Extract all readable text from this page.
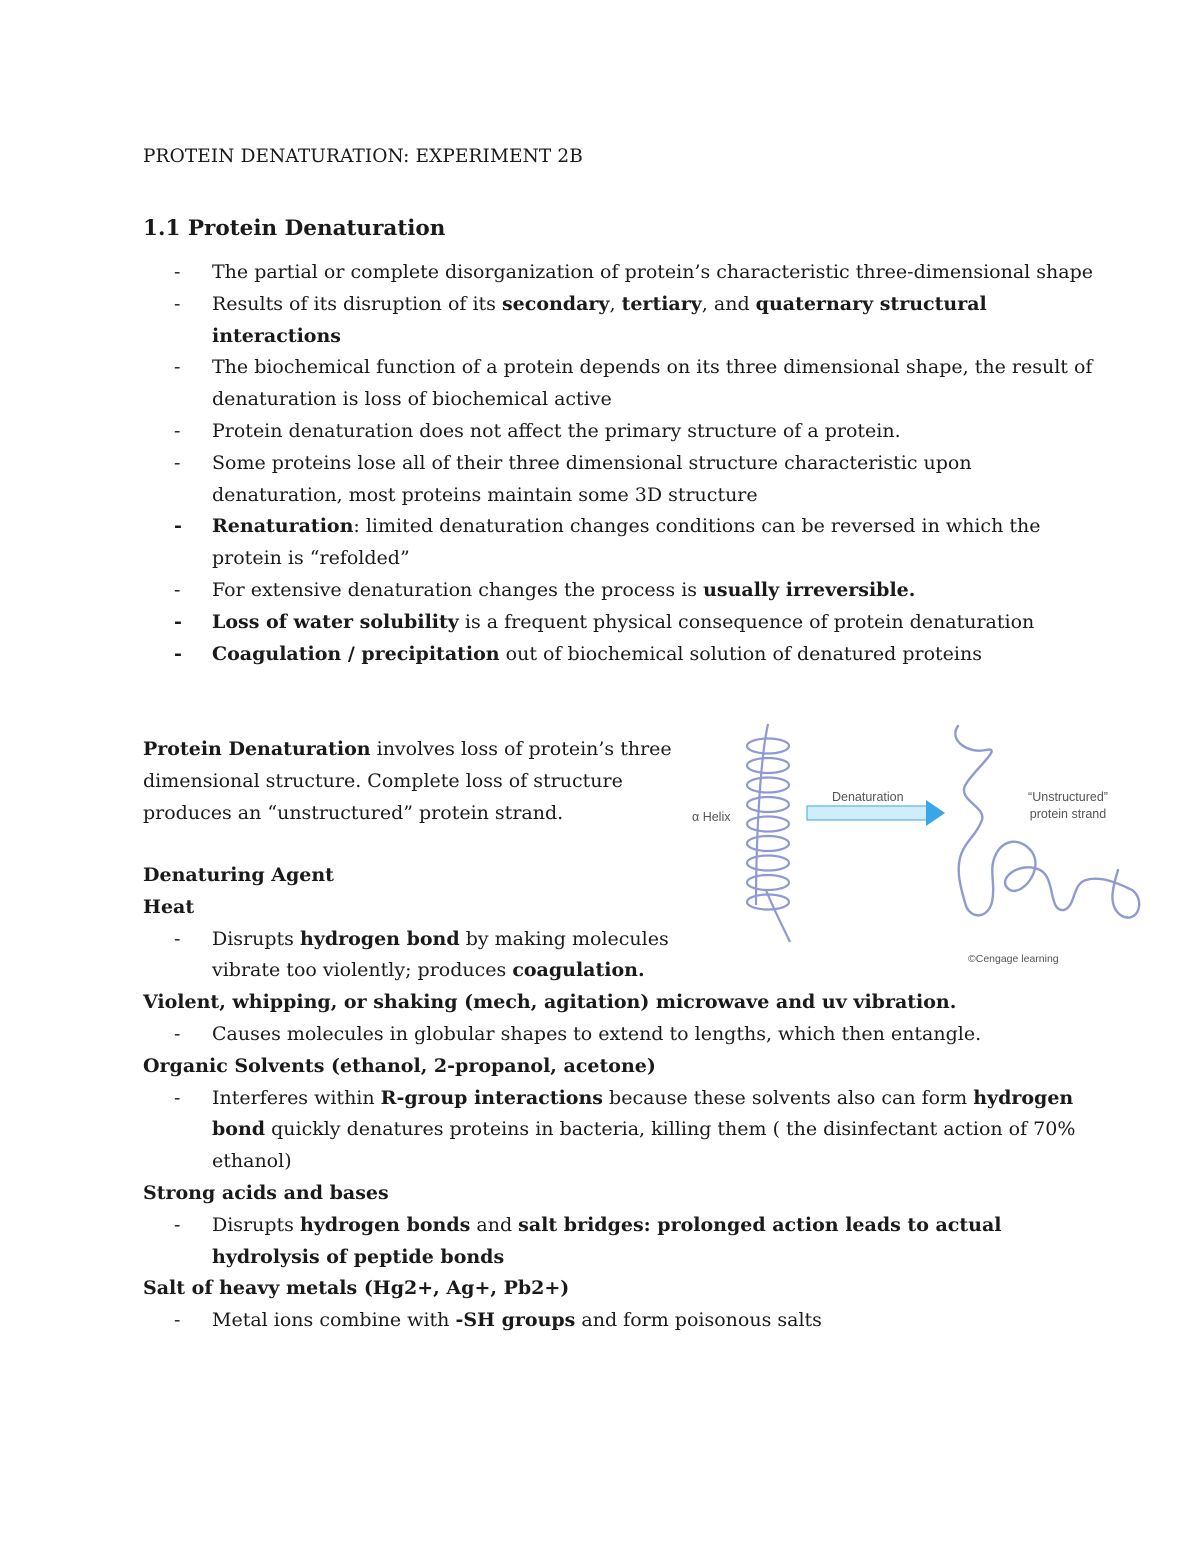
PROTEIN DENATURATION: EXPERIMENT 2B
1.1 Protein Denaturation
- The partial or complete disorganization of protein’s characteristic three-dimensional shape
- Results of its disruption of its secondary, tertiary, and quaternary structural interactions
- The biochemical function of a protein depends on its three dimensional shape, the result of denaturation is loss of biochemical active
- Protein denaturation does not affect the primary structure of a protein.
- Some proteins lose all of their three dimensional structure characteristic upon denaturation, most proteins maintain some 3D structure
- Renaturation: limited denaturation changes conditions can be reversed in which the protein is “refolded”
- For extensive denaturation changes the process is usually irreversible.
- Loss of water solubility is a frequent physical consequence of protein denaturation
- Coagulation / precipitation out of biochemical solution of denatured proteins

Protein Denaturation involves loss of protein’s three dimensional structure. Complete loss of structure produces an “unstructured” protein strand.	α Helix
Denaturation	“Unstructured”
protein strand
©Cengage learning
Denaturing Agent
Heat
- Disrupts hydrogen bond by making molecules vibrate too violently; produces coagulation.
Violent, whipping, or shaking (mech, agitation) microwave and uv vibration.
- Causes molecules in globular shapes to extend to lengths, which then entangle.
Organic Solvents (ethanol, 2-propanol, acetone)
- Interferes within R-group interactions because these solvents also can form hydrogen bond quickly denatures proteins in bacteria, killing them ( the disinfectant action of 70% ethanol)
Strong acids and bases
- Disrupts hydrogen bonds and salt bridges: prolonged action leads to actual hydrolysis of peptide bonds
Salt of heavy metals (Hg2+, Ag+, Pb2+)
- Metal ions combine with -SH groups and form poisonous salts
